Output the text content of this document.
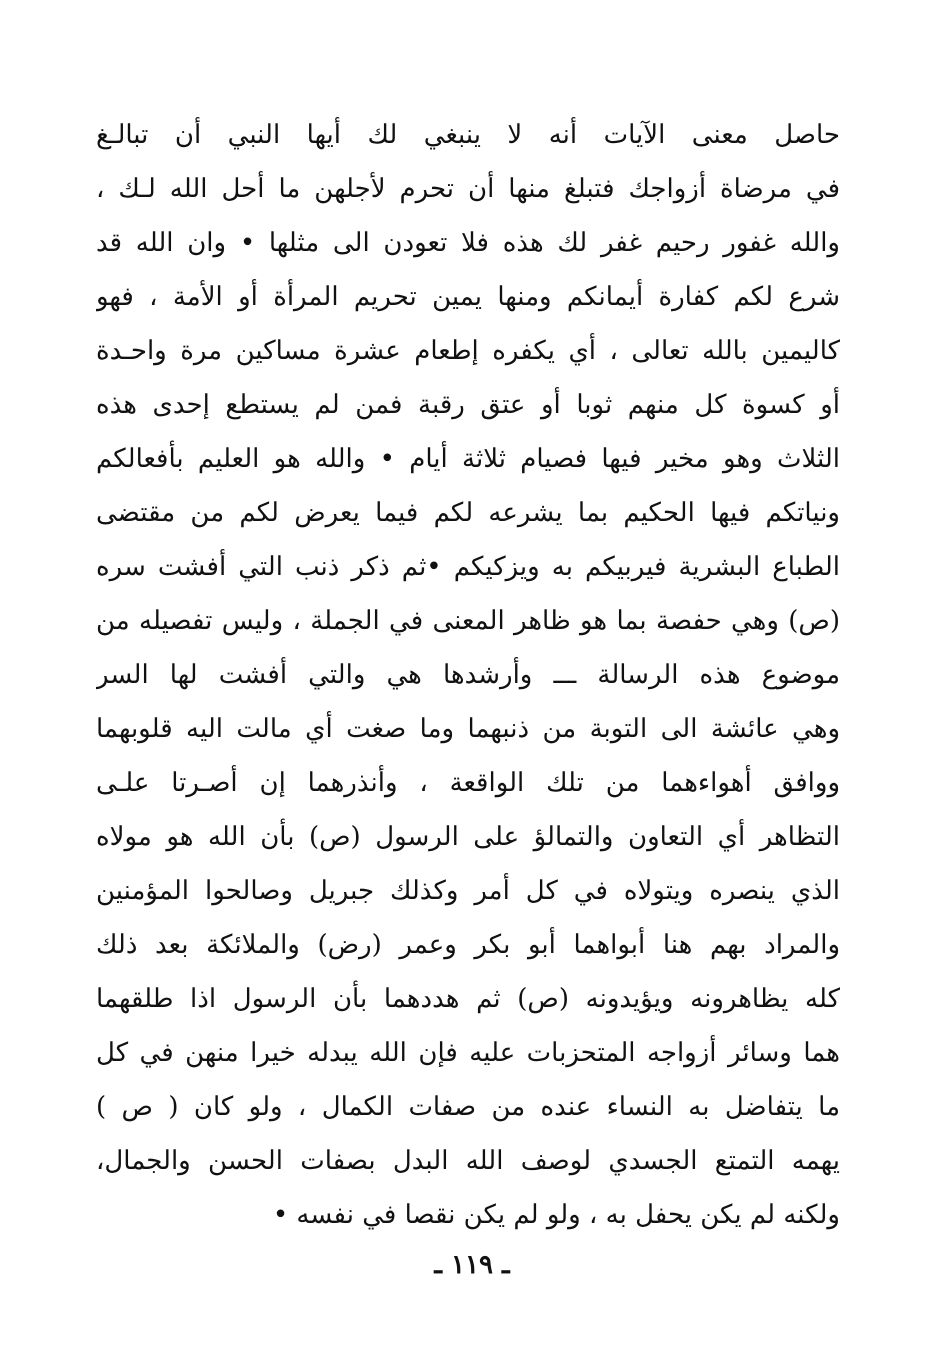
حاصل معنى الآيات أنه لا ينبغي لك أيها النبي أن تبالـغ
في مرضاة أزواجك فتبلغ منها أن تحرم لأجلهن ما أحل الله لـك ،
والله غفور رحيم غفر لك هذه فلا تعودن الى مثلها • وان الله قد
شرع لكم كفارة أيمانكم ومنها يمين تحريم المرأة أو الأمة ، فهو
كاليمين بالله تعالى ، أي يكفره إطعام عشرة مساكين مرة واحـدة
أو كسوة كل منهم ثوبا أو عتق رقبة فمن لم يستطع إحدى هذه
الثلاث وهو مخير فيها فصيام ثلاثة أيام • والله هو العليم بأفعالكم
ونياتكم فيها الحكيم بما يشرعه لكم فيما يعرض لكم من مقتضى
الطباع البشرية فيربيكم به ويزكيكم •ثم ذكر ذنب التي أفشت سره
(ص) وهي حفصة بما هو ظاهر المعنى في الجملة ، وليس تفصيله من
موضوع هذه الرسالة ـــ وأرشدها هي والتي أفشت لها السر
وهي عائشة الى التوبة من ذنبهما وما صغت أي مالت اليه قلوبهما
ووافق أهواءهما من تلك الواقعة ، وأنذرهما إن أصـرتا علـى
التظاهر أي التعاون والتمالؤ على الرسول (ص) بأن الله هو مولاه
الذي ينصره ويتولاه في كل أمر وكذلك جبريل وصالحوا المؤمنين
والمراد بهم هنا أبواهما أبو بكر وعمر (رض) والملائكة بعد ذلك
كله يظاهرونه ويؤيدونه (ص) ثم هددهما بأن الرسول اذا طلقهما
هما وسائر أزواجه المتحزبات عليه فإن الله يبدله خيرا منهن في كل
ما يتفاضل به النساء عنده من صفات الكمال ، ولو كان ( ص )
يهمه التمتع الجسدي لوصف الله البدل بصفات الحسن والجمال،
ولكنه لم يكن يحفل به ، ولو لم يكن نقصا في نفسه •
ـ ١١٩ ـ
